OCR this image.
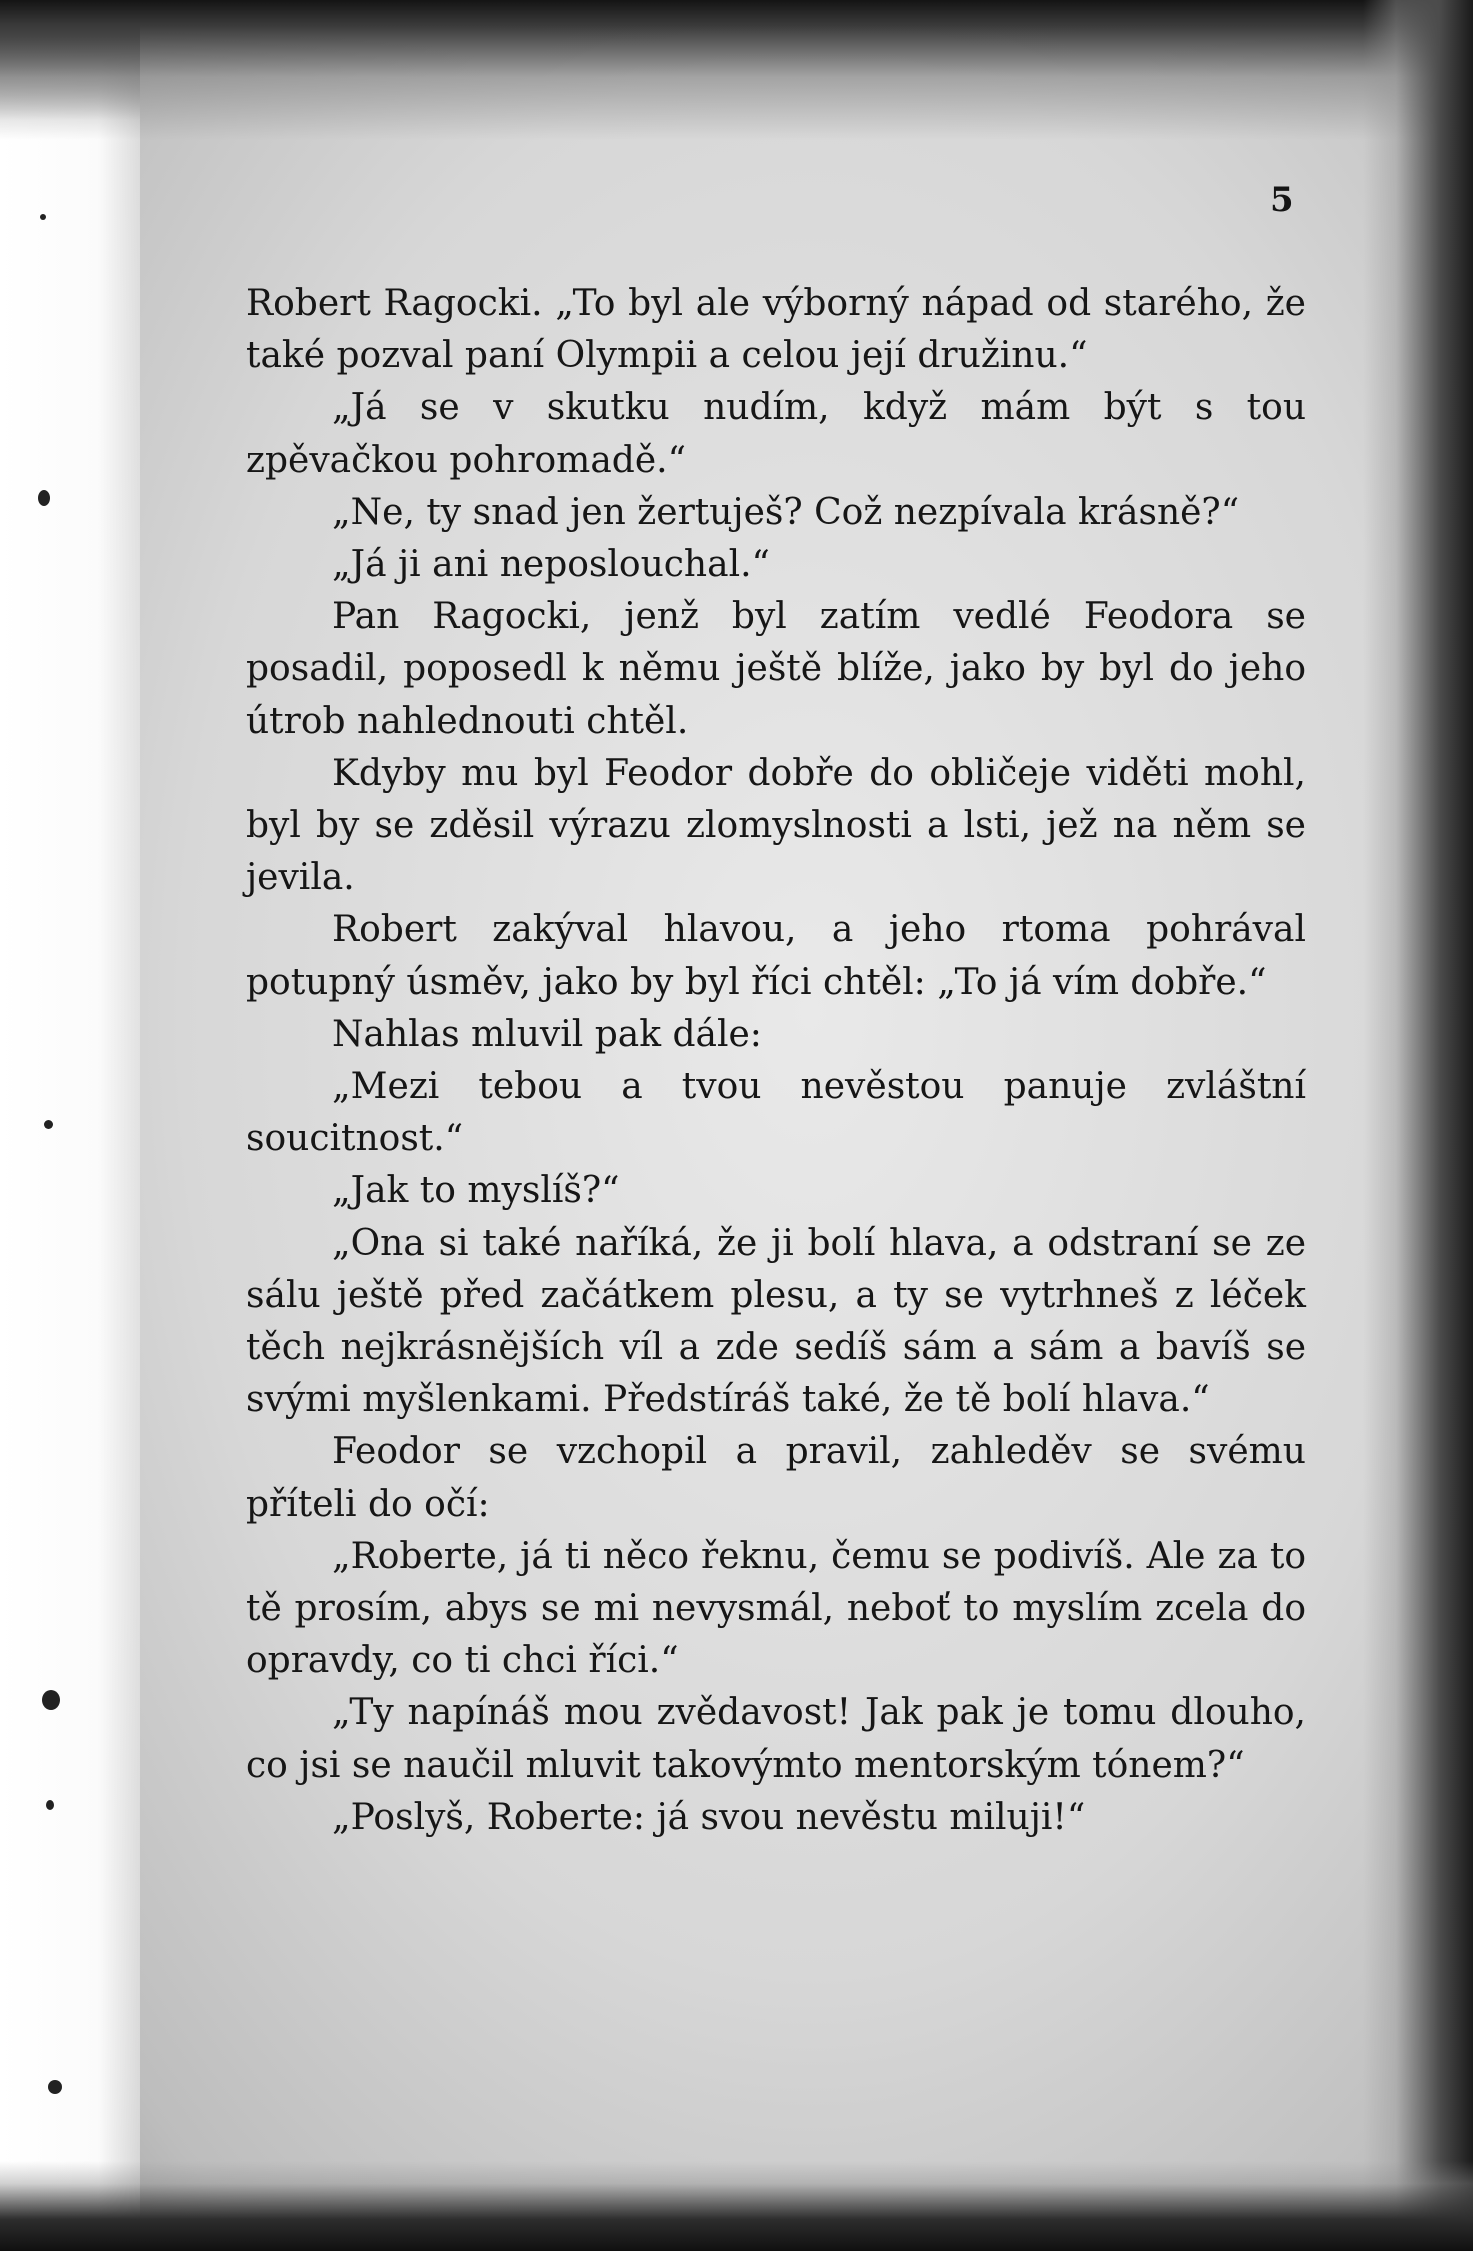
5

Robert Ragocki. „To byl ale výborný nápad od starého, že také pozval paní Olympii a celou její družinu.“

„Já se v skutku nudím, když mám být s tou zpěvačkou pohromadě.“

„Ne, ty snad jen žertuješ? Což nezpívala krásně?“

„Já ji ani neposlouchal.“

Pan Ragocki, jenž byl zatím vedlé Feodora se posadil, poposedl k němu ještě blíže, jako by byl do jeho útrob nahlednouti chtěl.

Kdyby mu byl Feodor dobře do obličeje viděti mohl, byl by se zděsil výrazu zlomyslnosti a lsti, jež na něm se jevila.

Robert zakýval hlavou, a jeho rtoma pohrával potupný úsměv, jako by byl říci chtěl: „To já vím dobře.“

Nahlas mluvil pak dále:

„Mezi tebou a tvou nevěstou panuje zvláštní soucitnost.“

„Jak to myslíš?“

„Ona si také naříká, že ji bolí hlava, a odstraní se ze sálu ještě před začátkem plesu, a ty se vytrhneš z léček těch nejkrásnějších víl a zde sedíš sám a sám a bavíš se svými myšlenkami. Předstíráš také, že tě bolí hlava.“

Feodor se vzchopil a pravil, zahleděv se svému příteli do očí:

„Roberte, já ti něco řeknu, čemu se podivíš. Ale za to tě prosím, abys se mi nevysmál, neboť to myslím zcela do opravdy, co ti chci říci.“

„Ty napínáš mou zvědavost! Jak pak je tomu dlouho, co jsi se naučil mluvit takovýmto mentorským tónem?“

„Poslyš, Roberte: já svou nevěstu miluji!“
